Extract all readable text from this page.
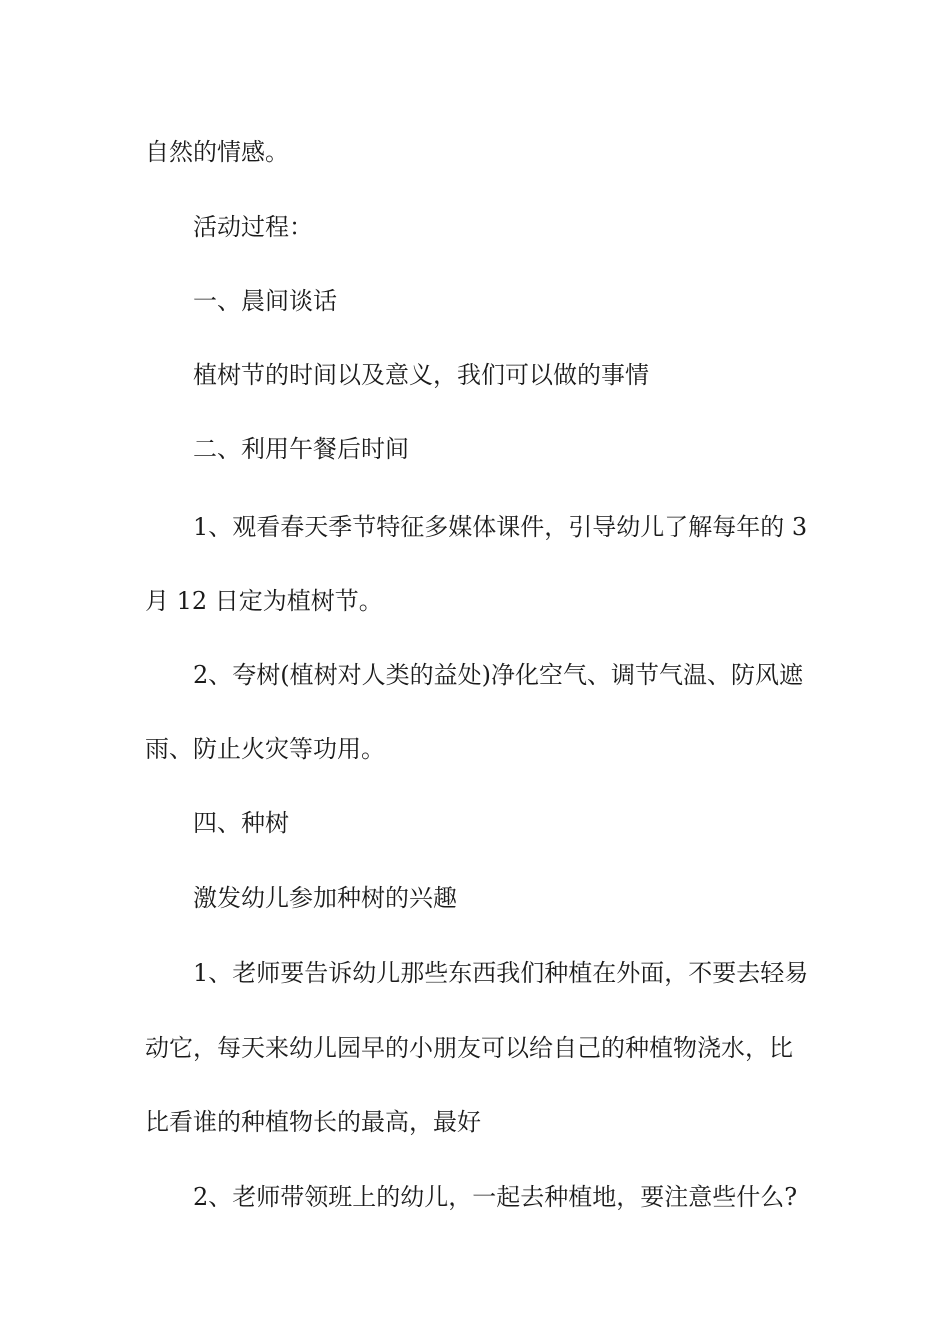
自然的情感。
活动过程：
一、晨间谈话
植树节的时间以及意义，我们可以做的事情
二、利用午餐后时间
1、观看春天季节特征多媒体课件，引导幼儿了解每年的 3
月 12 日定为植树节。
2、夸树(植树对人类的益处)净化空气、调节气温、防风遮
雨、防止火灾等功用。
四、种树
激发幼儿参加种树的兴趣
1、老师要告诉幼儿那些东西我们种植在外面，不要去轻易
动它，每天来幼儿园早的小朋友可以给自己的种植物浇水，比
比看谁的种植物长的最高，最好
2、老师带领班上的幼儿，一起去种植地，要注意些什么?
